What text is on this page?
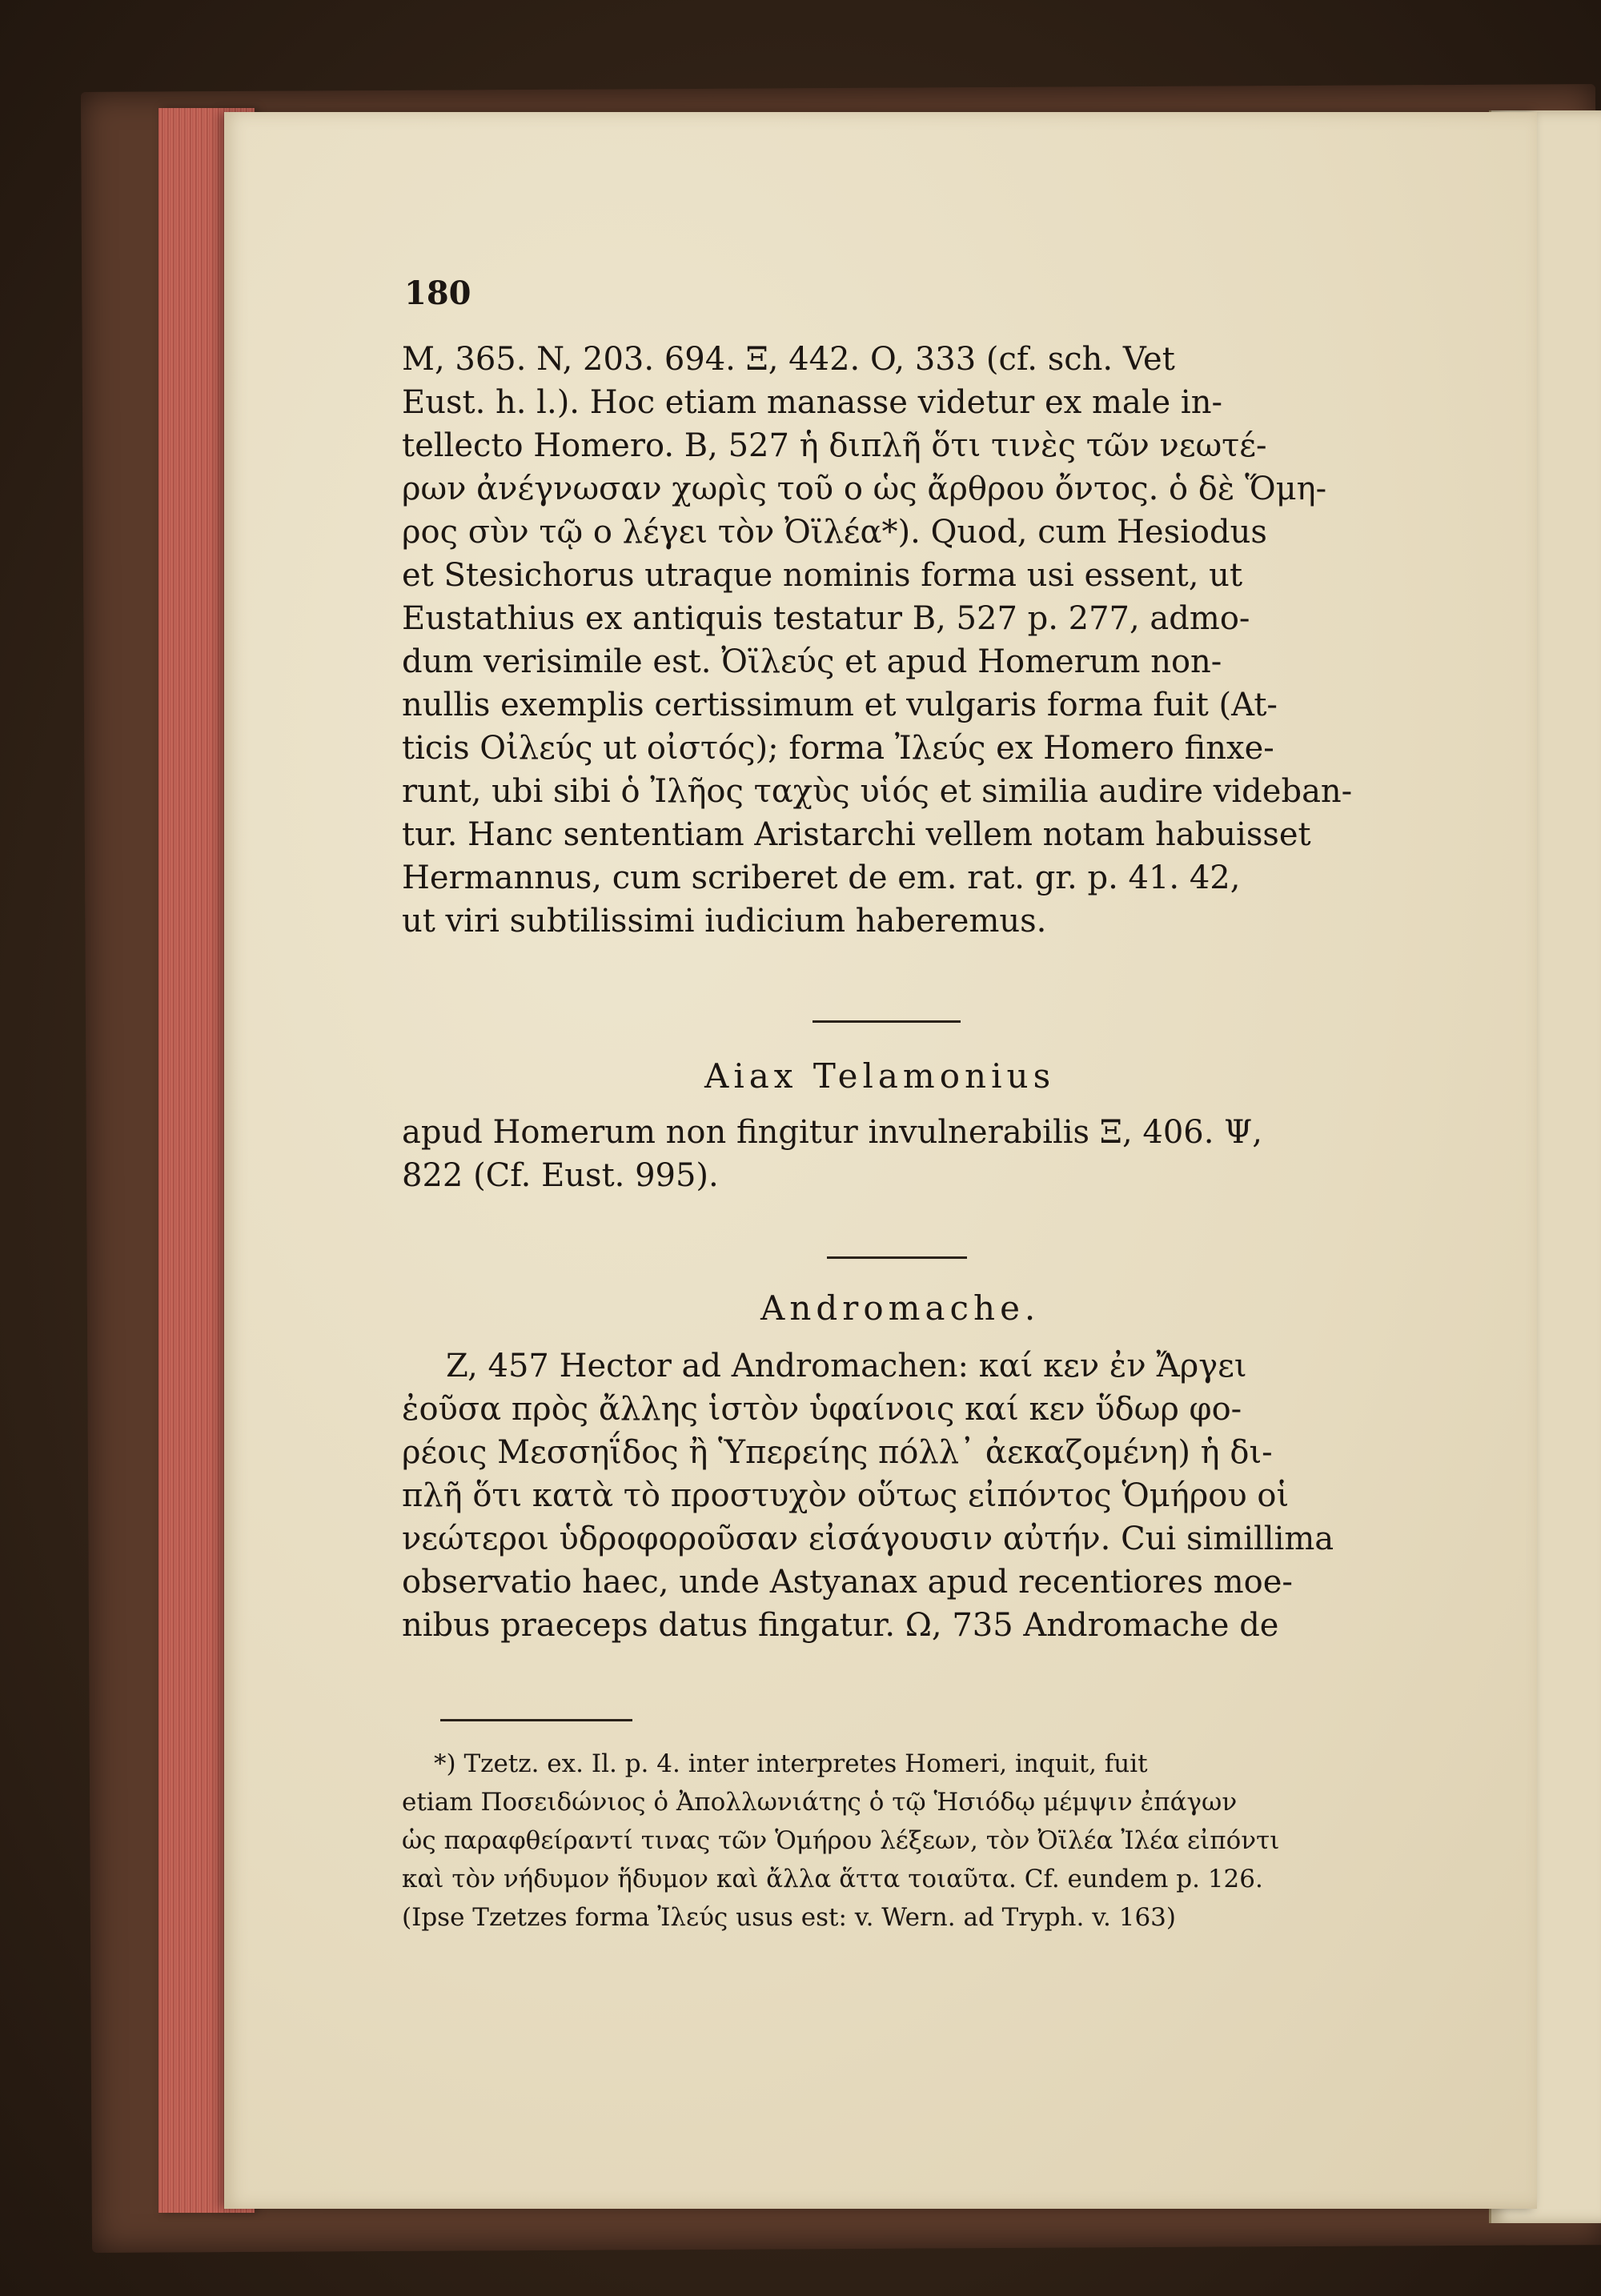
180
M, 365. N, 203. 694. Ξ, 442. O, 333 (cf. sch. Vet
Eust. h. l.). Hoc etiam manasse videtur ex male in-
tellecto Homero. B, 527 ἡ διπλῆ ὅτι τινὲς τῶν νεωτέ-
ρων ἀνέγνωσαν χωρὶς τοῦ ο ὡς ἄρθρου ὄντος. ὁ δὲ Ὅμη-
ρος σὺν τῷ ο λέγει τὸν Ὀϊλέα*). Quod, cum Hesiodus
et Stesichorus utraque nominis forma usi essent, ut
Eustathius ex antiquis testatur B, 527 p. 277, admo-
dum verisimile est. Ὀϊλεύς et apud Homerum non-
nullis exemplis certissimum et vulgaris forma fuit (At-
ticis Οἰλεύς ut οἰστός); forma Ἰλεύς ex Homero finxe-
runt, ubi sibi ὁ Ἰλῆος ταχὺς υἱός et similia audire videban-
tur. Hanc sententiam Aristarchi vellem notam habuisset
Hermannus, cum scriberet de em. rat. gr. p. 41. 42,
ut viri subtilissimi iudicium haberemus.
Aiax Telamonius
apud Homerum non fingitur invulnerabilis Ξ, 406. Ψ,
822 (Cf. Eust. 995).
Andromache.
Z, 457 Hector ad Andromachen: καί κεν ἐν Ἄργει
ἐοῦσα πρὸς ἄλλης ἱστὸν ὑφαίνοις καί κεν ὕδωρ φο-
ρέοις Μεσσηΐδος ἢ Ὑπερείης πόλλ᾽ ἀεκαζομένη) ἡ δι-
πλῆ ὅτι κατὰ τὸ προστυχὸν οὕτως εἰπόντος Ὁμήρου οἱ
νεώτεροι ὑδροφοροῦσαν εἰσάγουσιν αὐτήν. Cui simillima
observatio haec, unde Astyanax apud recentiores moe-
nibus praeceps datus fingatur. Ω, 735 Andromache de
*) Tzetz. ex. Il. p. 4. inter interpretes Homeri, inquit, fuit
etiam Ποσειδώνιος ὁ Ἀπολλωνιάτης ὁ τῷ Ἡσιόδῳ μέμψιν ἐπάγων
ὡς παραφθείραντί τινας τῶν Ὁμήρου λέξεων, τὸν Ὀϊλέα Ἰλέα εἰπόντι
καὶ τὸν νήδυμον ἥδυμον καὶ ἄλλα ἅττα τοιαῦτα. Cf. eundem p. 126.
(Ipse Tzetzes forma Ἰλεύς usus est: v. Wern. ad Tryph. v. 163)
